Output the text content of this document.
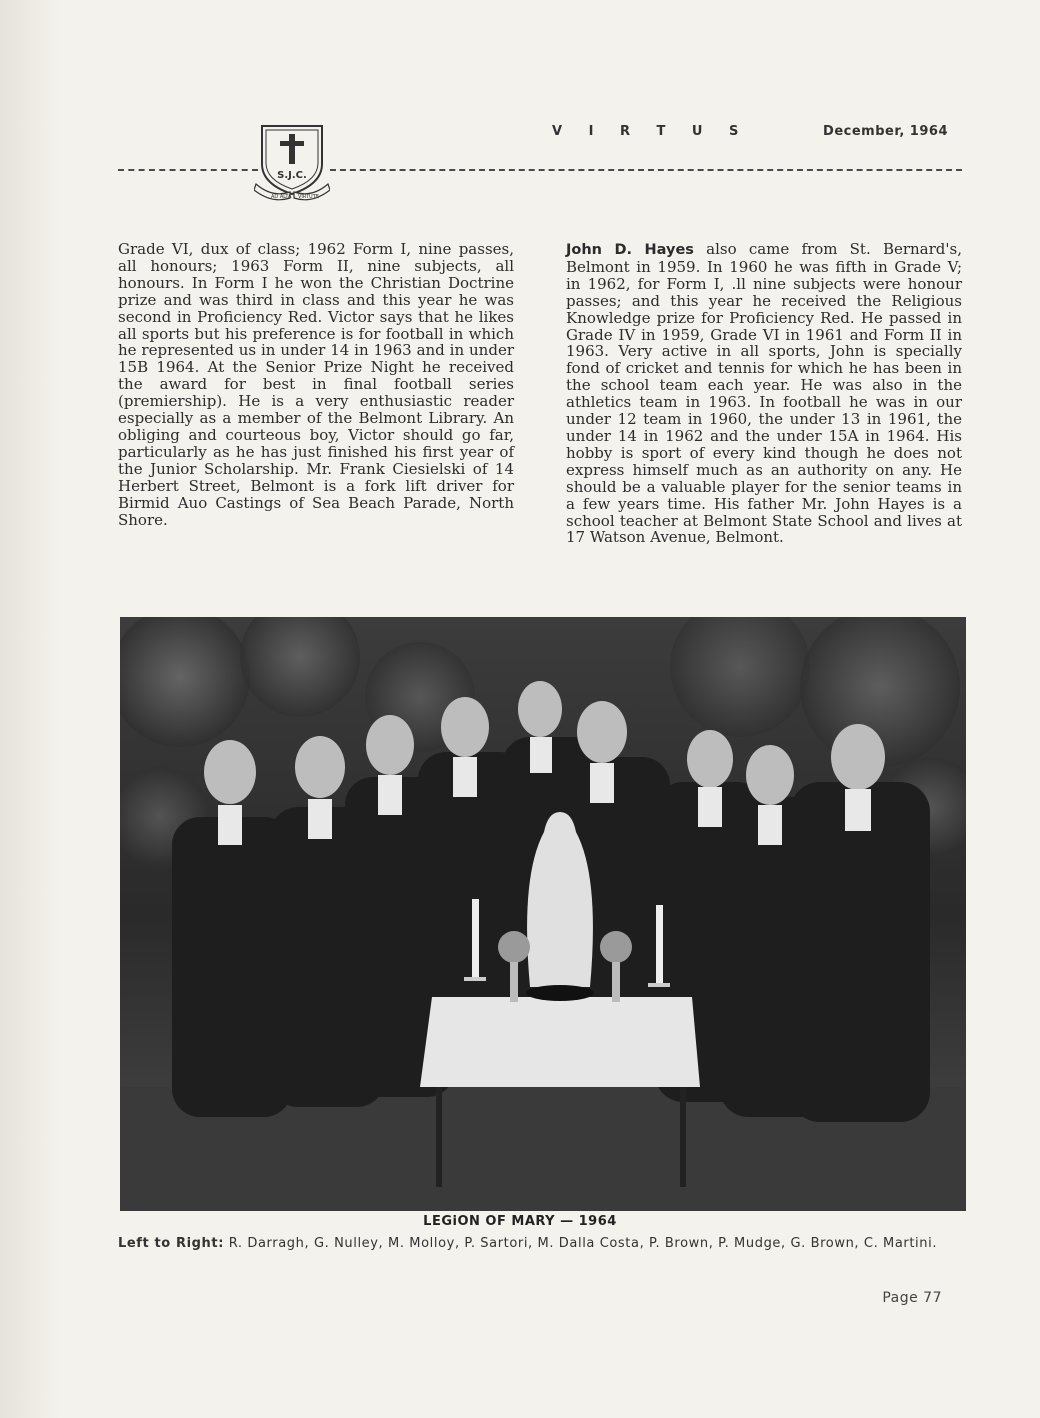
S.J.C.
AD ALTA VIRTUTE
V I R T U S	December, 1964
Grade VI, dux of class; 1962 Form I, nine passes, all honours; 1963 Form II, nine subjects, all honours. In Form I he won the Christian Doctrine prize and was third in class and this year he was second in Proficiency Red. Victor says that he likes all sports but his preference is for football in which he represented us in under 14 in 1963 and in under 15B 1964. At the Senior Prize Night he received the award for best in final football series (premiership). He is a very enthusiastic reader especially as a member of the Belmont Library. An obliging and courteous boy, Victor should go far, particularly as he has just finished his first year of the Junior Scholarship. Mr. Frank Ciesielski of 14 Herbert Street, Belmont is a fork lift driver for Birmid Auo Castings of Sea Beach Parade, North Shore.
John D. Hayes also came from St. Bernard's, Belmont in 1959. In 1960 he was fifth in Grade V; in 1962, for Form I, .ll nine subjects were honour passes; and this year he received the Religious Knowledge prize for Proficiency Red. He passed in Grade IV in 1959, Grade VI in 1961 and Form II in 1963. Very active in all sports, John is specially fond of cricket and tennis for which he has been in the school team each year. He was also in the athletics team in 1963. In football he was in our under 12 team in 1960, the under 13 in 1961, the under 14 in 1962 and the under 15A in 1964. His hobby is sport of every kind though he does not express himself much as an authority on any. He should be a valuable player for the senior teams in a few years time. His father Mr. John Hayes is a school teacher at Belmont State School and lives at 17 Watson Avenue, Belmont.
LEGiON OF MARY — 1964
Left to Right: R. Darragh, G. Nulley, M. Molloy, P. Sartori, M. Dalla Costa, P. Brown, P. Mudge, G. Brown, C. Martini.
Page 77
